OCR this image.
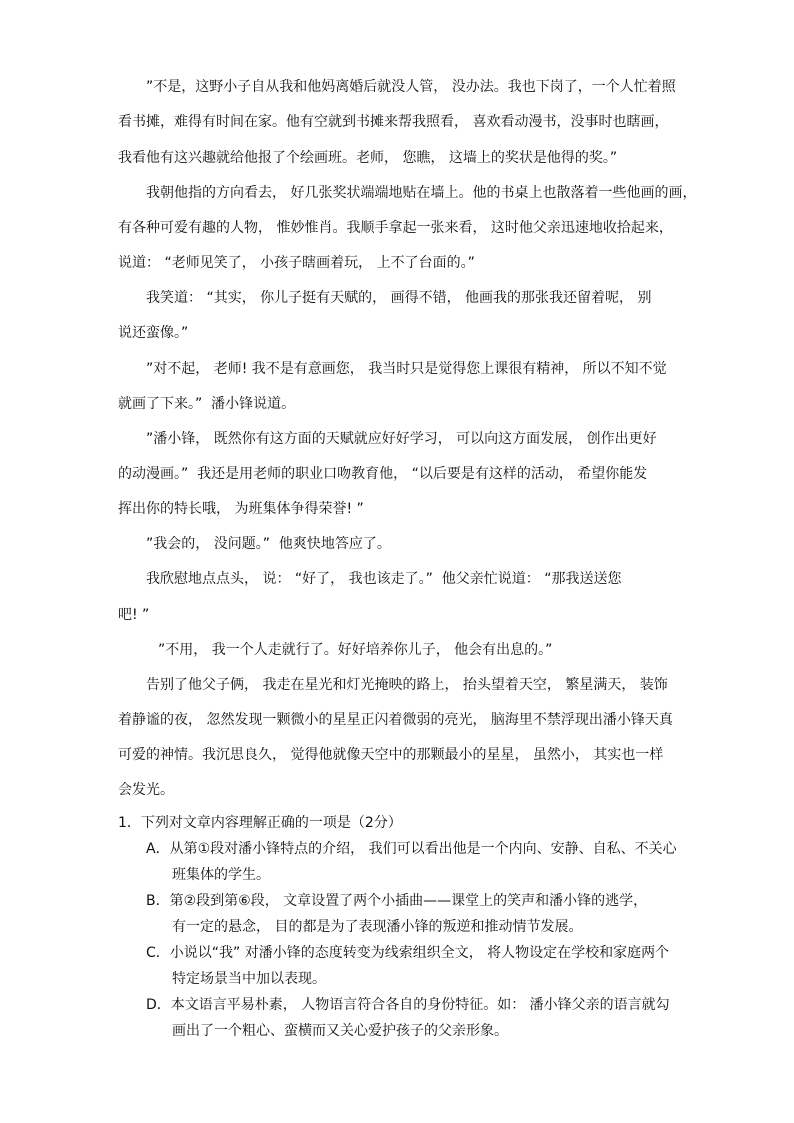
”不是，这野小子自从我和他妈离婚后就没人管， 没办法。我也下岗了，一个人忙着照
看书摊，难得有时间在家。他有空就到书摊来帮我照看， 喜欢看动漫书，没事时也瞎画，
我看他有这兴趣就给他报了个绘画班。老师， 您瞧， 这墙上的奖状是他得的奖。”
我朝他指的方向看去， 好几张奖状端端地贴在墙上。他的书桌上也散落着一些他画的画，
有各种可爱有趣的人物， 惟妙惟肖。我顺手拿起一张来看， 这时他父亲迅速地收拾起来，
说道： “老师见笑了， 小孩子瞎画着玩， 上不了台面的。”
我笑道： “其实， 你儿子挺有天赋的， 画得不错， 他画我的那张我还留着呢， 别
说还蛮像。”
”对不起， 老师! 我不是有意画您， 我当时只是觉得您上课很有精神， 所以不知不觉
就画了下来。”  潘小锋说道。
”潘小锋， 既然你有这方面的天赋就应好好学习， 可以向这方面发展， 创作出更好
的动漫画。”  我还是用老师的职业口吻教育他， “以后要是有这样的活动， 希望你能发
挥出你的特长哦， 为班集体争得荣誉! ”
”我会的， 没问题。”  他爽快地答应了。
我欣慰地点点头， 说： “好了， 我也该走了。”  他父亲忙说道： “那我送送您
吧! ”
”不用， 我一个人走就行了。好好培养你儿子， 他会有出息的。”
告别了他父子俩， 我走在星光和灯光掩映的路上， 抬头望着天空， 繁星满天， 装饰
着静谧的夜， 忽然发现一颗微小的星星正闪着微弱的亮光， 脑海里不禁浮现出潘小锋天真
可爱的神情。我沉思良久， 觉得他就像天空中的那颗最小的星星， 虽然小， 其实也一样
会发光。
1．下列对文章内容理解正确的一项是（2分）
A．从第①段对潘小锋特点的介绍， 我们可以看出他是一个内向、安静、自私、不关心
班集体的学生。
B．第②段到第⑥段， 文章设置了两个小插曲——课堂上的笑声和潘小锋的逃学，
有一定的悬念， 目的都是为了表现潘小锋的叛逆和推动情节发展。
C．小说以“我” 对潘小锋的态度转变为线索组织全文， 将人物设定在学校和家庭两个
特定场景当中加以表现。
D．本文语言平易朴素， 人物语言符合各自的身份特征。如： 潘小锋父亲的语言就勾
画出了一个粗心、蛮横而又关心爱护孩子的父亲形象。
